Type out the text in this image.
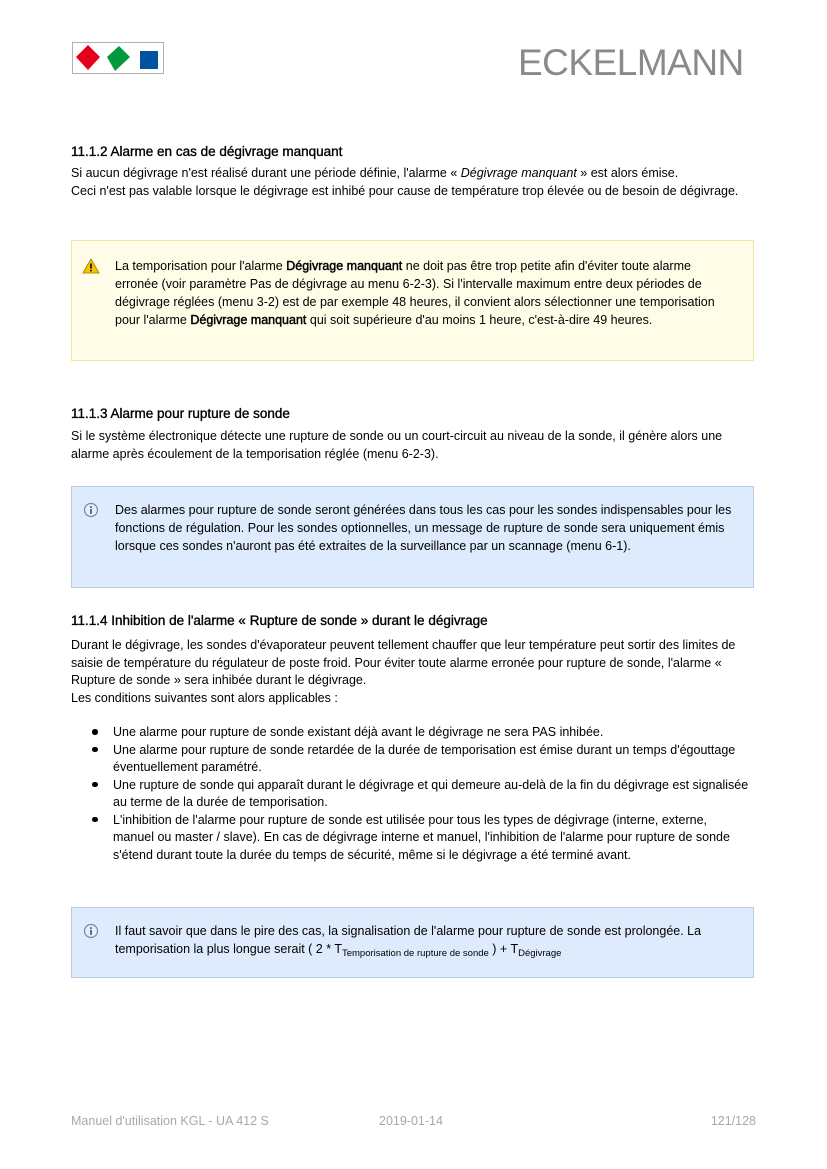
ECKELMANN
11.1.2 Alarme en cas de dégivrage manquant

Si aucun dégivrage n'est réalisé durant une période définie, l'alarme « Dégivrage manquant » est alors émise.
Ceci n'est pas valable lorsque le dégivrage est inhibé pour cause de température trop élevée ou de besoin de dégivrage.

La temporisation pour l'alarme Dégivrage manquant ne doit pas être trop petite afin d'éviter toute alarme erronée (voir paramètre Pas de dégivrage au menu 6-2-3). Si l'intervalle maximum entre deux périodes de dégivrage réglées (menu 3-2) est de par exemple 48 heures, il convient alors sélectionner une temporisation pour l'alarme Dégivrage manquant qui soit supérieure d'au moins 1 heure, c'est-à-dire 49 heures.
11.1.3 Alarme pour rupture de sonde

Si le système électronique détecte une rupture de sonde ou un court-circuit au niveau de la sonde, il génère alors une alarme après écoulement de la temporisation réglée (menu 6-2-3).

Des alarmes pour rupture de sonde seront générées dans tous les cas pour les sondes indispensables pour les fonctions de régulation. Pour les sondes optionnelles, un message de rupture de sonde sera uniquement émis lorsque ces sondes n'auront pas été extraites de la surveillance par un scannage (menu 6-1).
11.1.4 Inhibition de l'alarme « Rupture de sonde » durant le dégivrage

Durant le dégivrage, les sondes d'évaporateur peuvent tellement chauffer que leur température peut sortir des limites de saisie de température du régulateur de poste froid. Pour éviter toute alarme erronée pour rupture de sonde, l'alarme « Rupture de sonde » sera inhibée durant le dégivrage.
Les conditions suivantes sont alors applicables :

Une alarme pour rupture de sonde existant déjà avant le dégivrage ne sera PAS inhibée.
Une alarme pour rupture de sonde retardée de la durée de temporisation est émise durant un temps d'égouttage éventuellement paramétré.
Une rupture de sonde qui apparaît durant le dégivrage et qui demeure au-delà de la fin du dégivrage est signalisée au terme de la durée de temporisation.
L'inhibition de l'alarme pour rupture de sonde est utilisée pour tous les types de dégivrage (interne, externe, manuel ou master / slave). En cas de dégivrage interne et manuel, l'inhibition de l'alarme pour rupture de sonde s'étend durant toute la durée du temps de sécurité, même si le dégivrage a été terminé avant.
Il faut savoir que dans le pire des cas, la signalisation de l'alarme pour rupture de sonde est prolongée. La temporisation la plus longue serait ( $2 * T_{Temporisation de rupture de sonde}$ ) + $T_{Dégivrage}$
Manuel d'utilisation KGL - UA 412 S	2019-01-14	121/128
